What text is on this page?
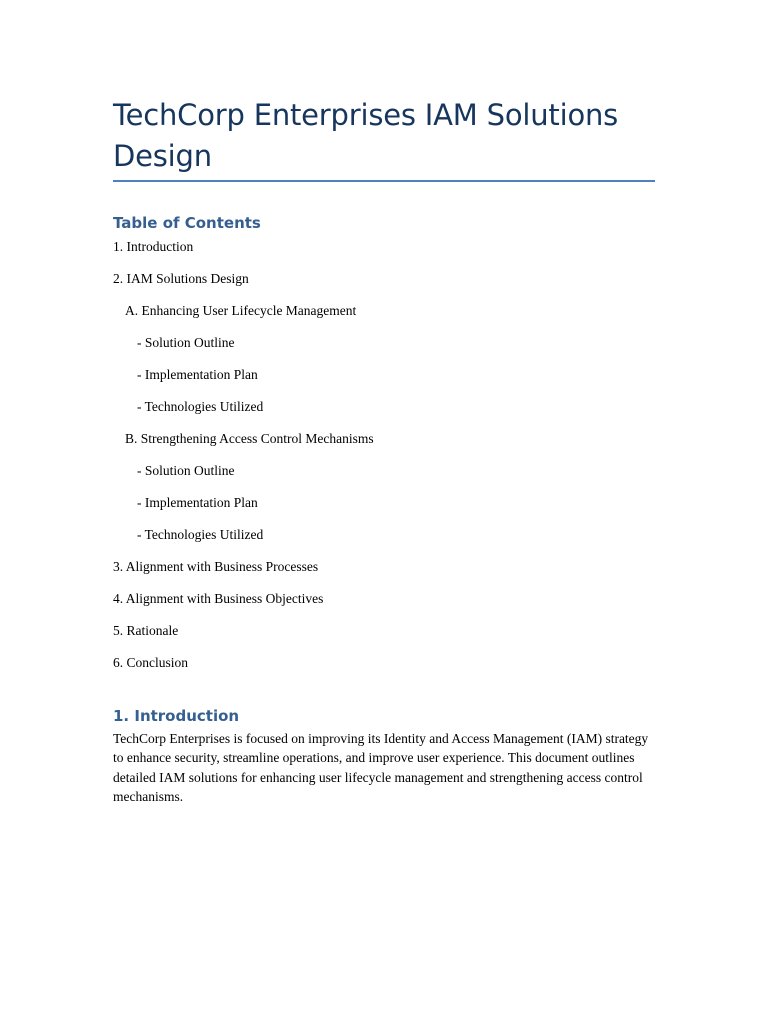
TechCorp Enterprises IAM Solutions Design
Table of Contents
1. Introduction
2. IAM Solutions Design
A. Enhancing User Lifecycle Management
- Solution Outline
- Implementation Plan
- Technologies Utilized
B. Strengthening Access Control Mechanisms
- Solution Outline
- Implementation Plan
- Technologies Utilized
3. Alignment with Business Processes
4. Alignment with Business Objectives
5. Rationale
6. Conclusion
1. Introduction

TechCorp Enterprises is focused on improving its Identity and Access Management (IAM) strategy to enhance security, streamline operations, and improve user experience. This document outlines detailed IAM solutions for enhancing user lifecycle management and strengthening access control mechanisms.
